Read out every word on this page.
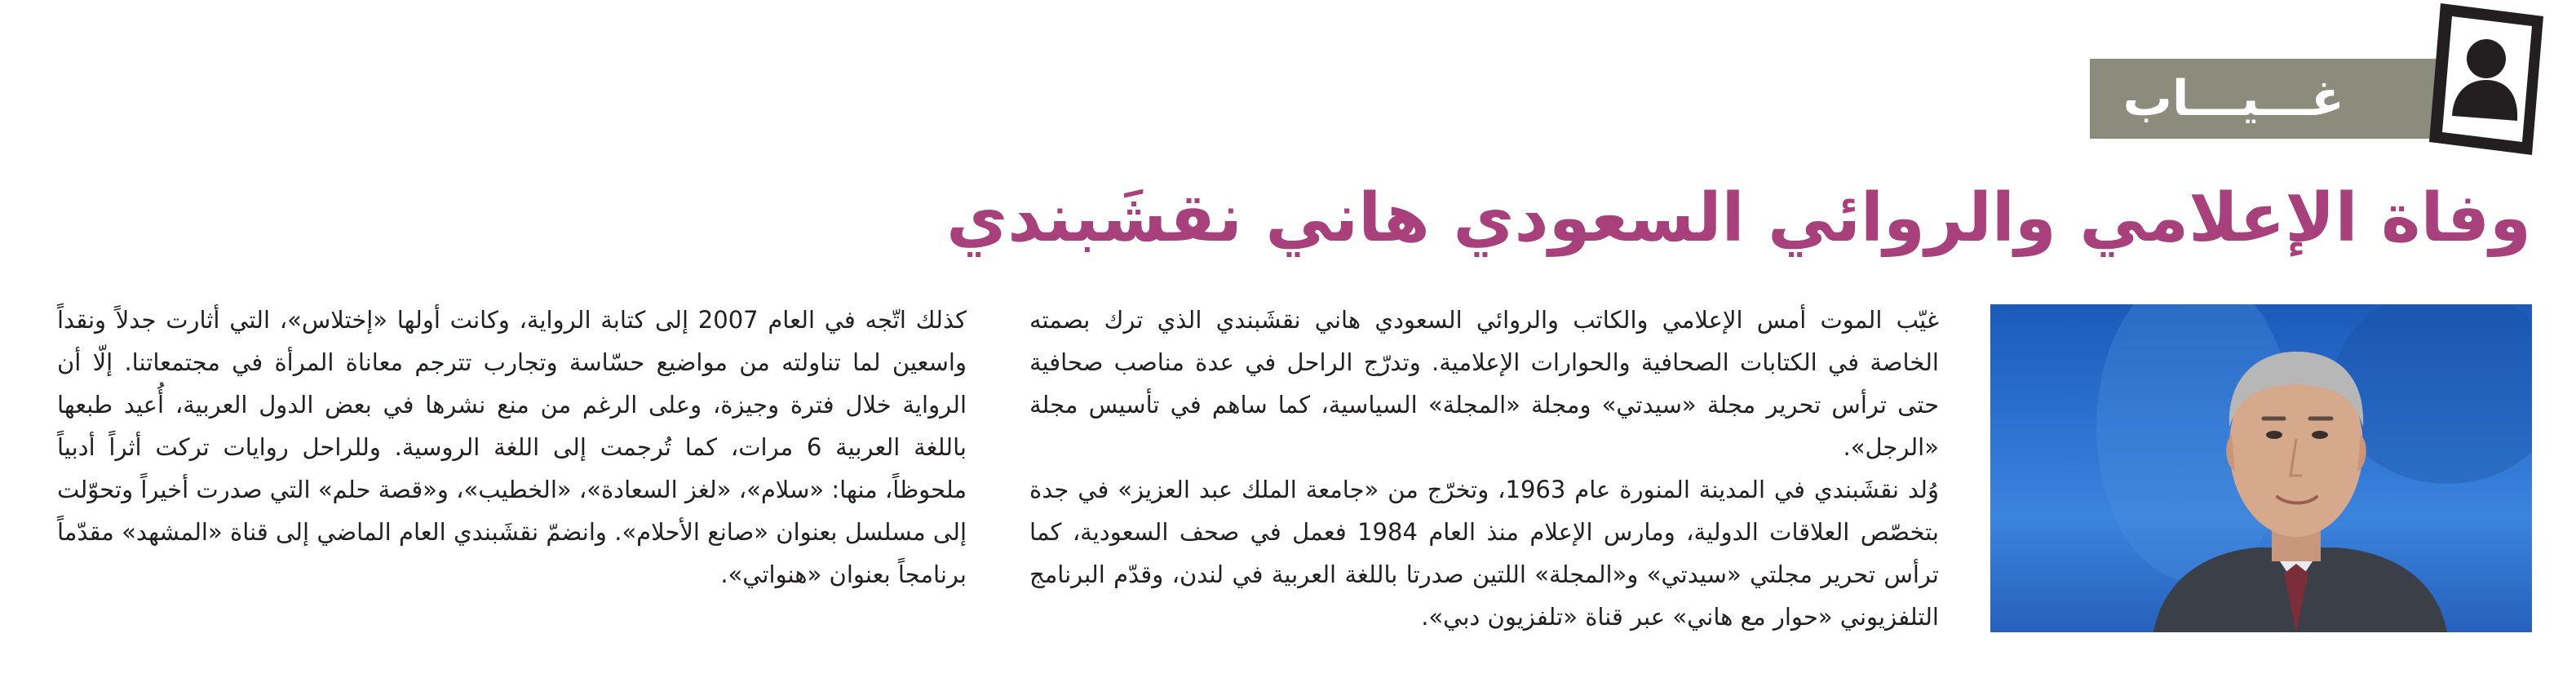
غـــيـــاب
وفاة الإعلامي والروائي السعودي هاني نقشَبندي

غيّب الموت أمس الإعلامي والكاتب والروائي السعودي هاني نقشَبندي الذي ترك بصمته الخاصة في الكتابات الصحافية والحوارات الإعلامية. وتدرّج الراحل في عدة مناصب صحافية حتى ترأس تحرير مجلة «سيدتي» ومجلة «المجلة» السياسية، كما ساهم في تأسيس مجلة «الرجل».

وُلد نقشَبندي في المدينة المنورة عام 1963، وتخرّج من «جامعة الملك عبد العزيز» في جدة بتخصّص العلاقات الدولية، ومارس الإعلام منذ العام 1984 فعمل في صحف السعودية، كما ترأس تحرير مجلتي «سيدتي» و«المجلة» اللتين صدرتا باللغة العربية في لندن، وقدّم البرنامج التلفزيوني «حوار مع هاني» عبر قناة «تلفزيون دبي».

كذلك اتّجه في العام 2007 إلى كتابة الرواية، وكانت أولها «إختلاس»، التي أثارت جدلاً ونقداً واسعين لما تناولته من مواضيع حسّاسة وتجارب تترجم معاناة المرأة في مجتمعاتنا. إلّا أن الرواية خلال فترة وجيزة، وعلى الرغم من منع نشرها في بعض الدول العربية، أُعيد طبعها باللغة العربية 6 مرات، كما تُرجمت إلى اللغة الروسية. وللراحل روايات تركت أثراً أدبياً ملحوظاً، منها: «سلام»، «لغز السعادة»، «الخطيب»، و«قصة حلم» التي صدرت أخيراً وتحوّلت إلى مسلسل بعنوان «صانع الأحلام». وانضمّ نقشَبندي العام الماضي إلى قناة «المشهد» مقدّماً برنامجاً بعنوان «هنواتي».
